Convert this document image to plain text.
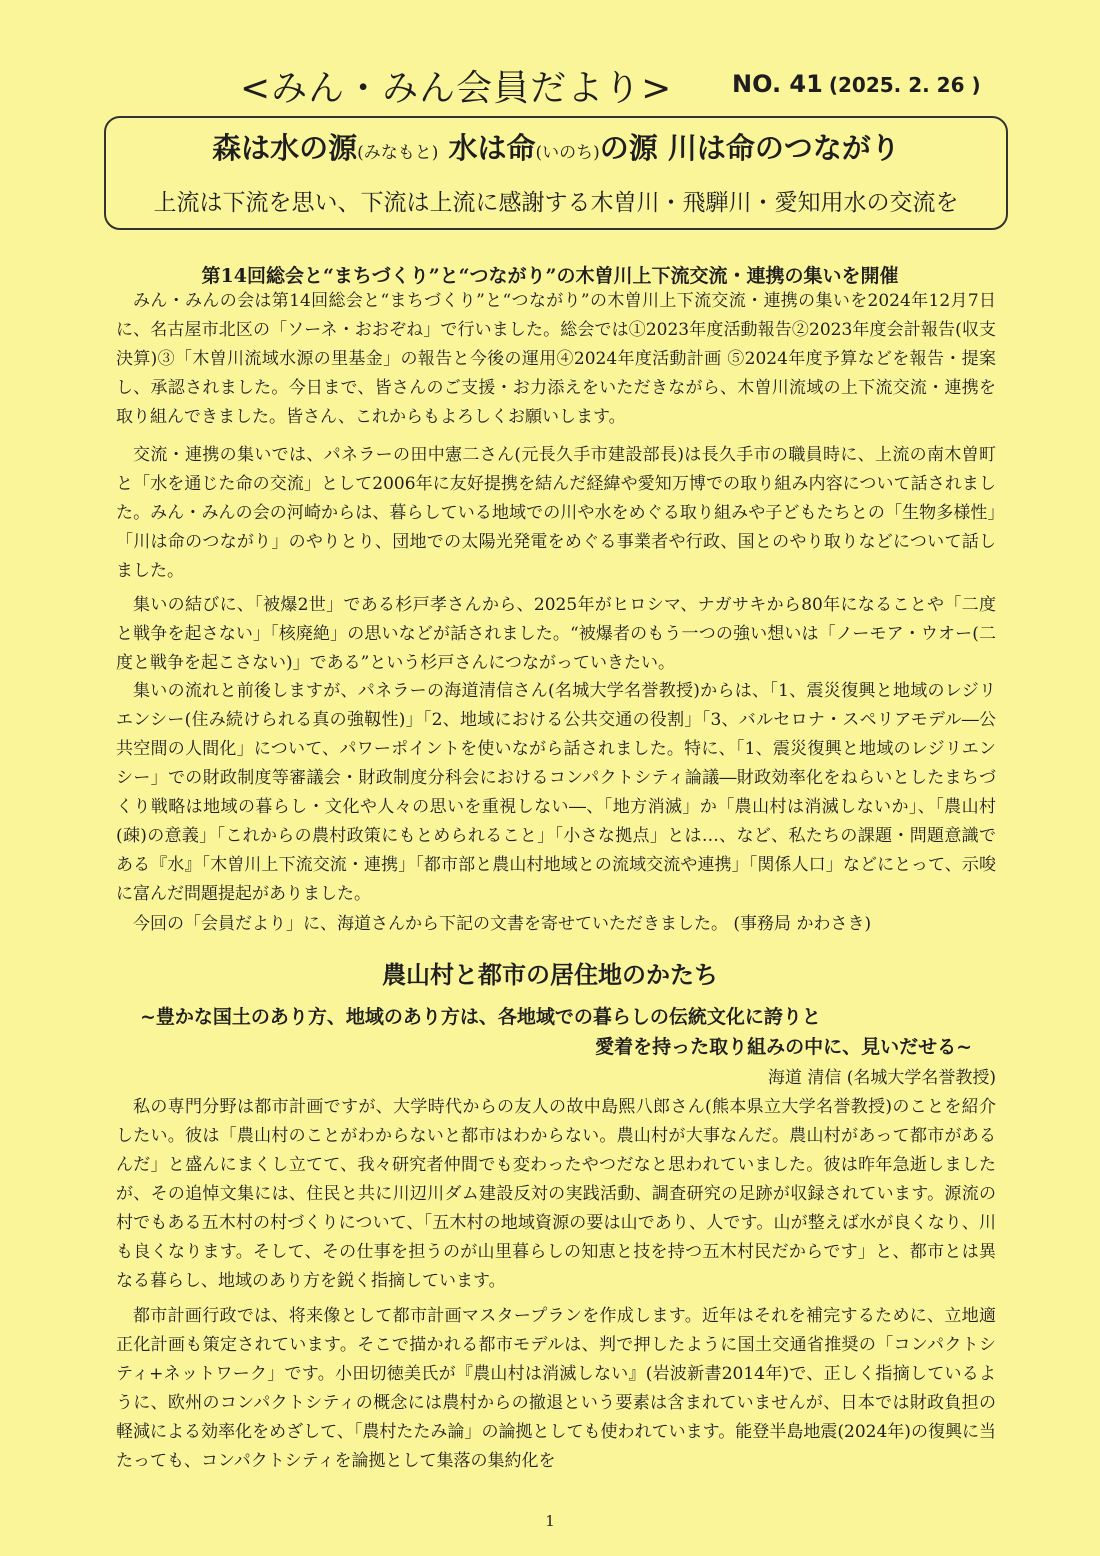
<みん・みん会員だより> NO. 41 (2025. 2. 26 )
森は水の源(みなもと) 水は命(いのち)の源 川は命のつながり
上流は下流を思い、下流は上流に感謝する木曽川・飛騨川・愛知用水の交流を
第14回総会と“まちづくり”と“つながり”の木曽川上下流交流・連携の集いを開催

みん・みんの会は第14回総会と“まちづくり”と“つながり”の木曽川上下流交流・連携の集いを2024年12月7日に、名古屋市北区の「ソーネ・おおぞね」で行いました。総会では①2023年度活動報告②2023年度会計報告(収支決算)③「木曽川流域水源の里基金」の報告と今後の運用④2024年度活動計画 ⑤2024年度予算などを報告・提案し、承認されました。今日まで、皆さんのご支援・お力添えをいただきながら、木曽川流域の上下流交流・連携を取り組んできました。皆さん、これからもよろしくお願いします。

交流・連携の集いでは、パネラーの田中憲二さん(元長久手市建設部長)は長久手市の職員時に、上流の南木曽町と「水を通じた命の交流」として2006年に友好提携を結んだ経緯や愛知万博での取り組み内容について話されました。みん・みんの会の河崎からは、暮らしている地域での川や水をめぐる取り組みや子どもたちとの「生物多様性」「川は命のつながり」のやりとり、団地での太陽光発電をめぐる事業者や行政、国とのやり取りなどについて話しました。

集いの結びに、「被爆2世」である杉戸孝さんから、2025年がヒロシマ、ナガサキから80年になることや「二度と戦争を起さない」「核廃絶」の思いなどが話されました。“被爆者のもう一つの強い想いは「ノーモア・ウオー(二度と戦争を起こさない)」である”という杉戸さんにつながっていきたい。

集いの流れと前後しますが、パネラーの海道清信さん(名城大学名誉教授)からは、「1、震災復興と地域のレジリエンシー(住み続けられる真の強靱性)」「2、地域における公共交通の役割」「3、バルセロナ・スペリアモデル―公共空間の人間化」について、パワーポイントを使いながら話されました。特に、「1、震災復興と地域のレジリエンシー」での財政制度等審議会・財政制度分科会におけるコンパクトシティ論議―財政効率化をねらいとしたまちづくり戦略は地域の暮らし・文化や人々の思いを重視しない―、「地方消滅」か「農山村は消滅しないか」、「農山村(疎)の意義」「これからの農村政策にもとめられること」「小さな拠点」とは…、など、私たちの課題・問題意識である『水』「木曽川上下流交流・連携」「都市部と農山村地域との流域交流や連携」「関係人口」などにとって、示唆に富んだ問題提起がありました。

今回の「会員だより」に、海道さんから下記の文書を寄せていただきました。 (事務局 かわさき)

農山村と都市の居住地のかたち
~豊かな国土のあり方、地域のあり方は、各地域での暮らしの伝統文化に誇りと
愛着を持った取り組みの中に、見いだせる~
海道 清信 (名城大学名誉教授)

私の専門分野は都市計画ですが、大学時代からの友人の故中島熙八郎さん(熊本県立大学名誉教授)のことを紹介したい。彼は「農山村のことがわからないと都市はわからない。農山村が大事なんだ。農山村があって都市があるんだ」と盛んにまくし立てて、我々研究者仲間でも変わったやつだなと思われていました。彼は昨年急逝しましたが、その追悼文集には、住民と共に川辺川ダム建設反対の実践活動、調査研究の足跡が収録されています。源流の村でもある五木村の村づくりについて、「五木村の地域資源の要は山であり、人です。山が整えば水が良くなり、川も良くなります。そして、その仕事を担うのが山里暮らしの知恵と技を持つ五木村民だからです」と、都市とは異なる暮らし、地域のあり方を鋭く指摘しています。

都市計画行政では、将来像として都市計画マスタープランを作成します。近年はそれを補完するために、立地適正化計画も策定されています。そこで描かれる都市モデルは、判で押したように国土交通省推奨の「コンパクトシティ+ネットワーク」です。小田切徳美氏が『農山村は消滅しない』(岩波新書2014年)で、正しく指摘しているように、欧州のコンパクトシティの概念には農村からの撤退という要素は含まれていませんが、日本では財政負担の軽減による効率化をめざして、「農村たたみ論」の論拠としても使われています。能登半島地震(2024年)の復興に当たっても、コンパクトシティを論拠として集落の集約化を

1
